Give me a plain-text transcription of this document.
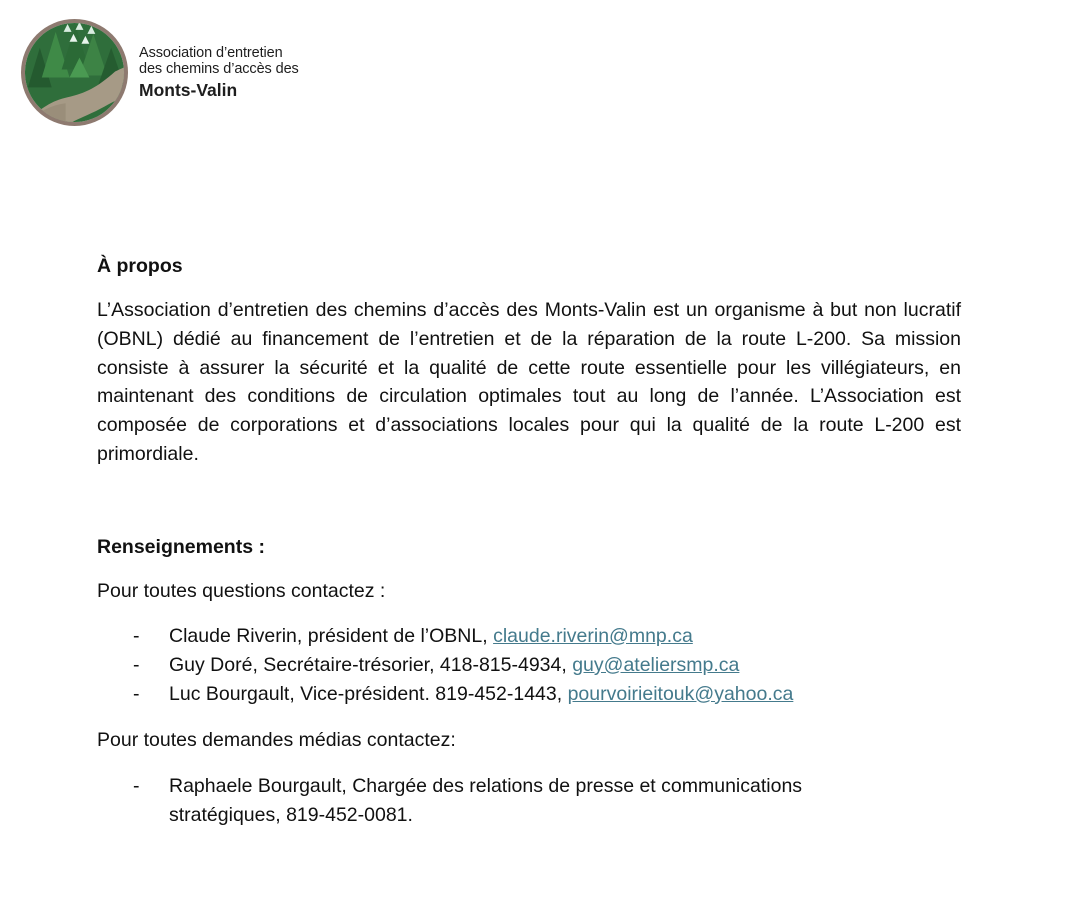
Association d’entretien
des chemins d’accès des
Monts-Valin

À propos

L’Association d’entretien des chemins d’accès des Monts-Valin est un organisme à but non lucratif (OBNL) dédié au financement de l’entretien et de la réparation de la route L-200. Sa mission consiste à assurer la sécurité et la qualité de cette route essentielle pour les villégiateurs, en maintenant des conditions de circulation optimales tout au long de l’année. L’Association est composée de corporations et d’associations locales pour qui la qualité de la route L-200 est primordiale.

Renseignements :

Pour toutes questions contactez :

-	Claude Riverin, président de l’OBNL, claude.riverin@mnp.ca
-	Guy Doré, Secrétaire-trésorier, 418-815-4934, guy@ateliersmp.ca
-	Luc Bourgault, Vice-président. 819-452-1443, pourvoirieitouk@yahoo.ca

Pour toutes demandes médias contactez:

-	Raphaele Bourgault, Chargée des relations de presse et communications stratégiques, 819-452-0081.
